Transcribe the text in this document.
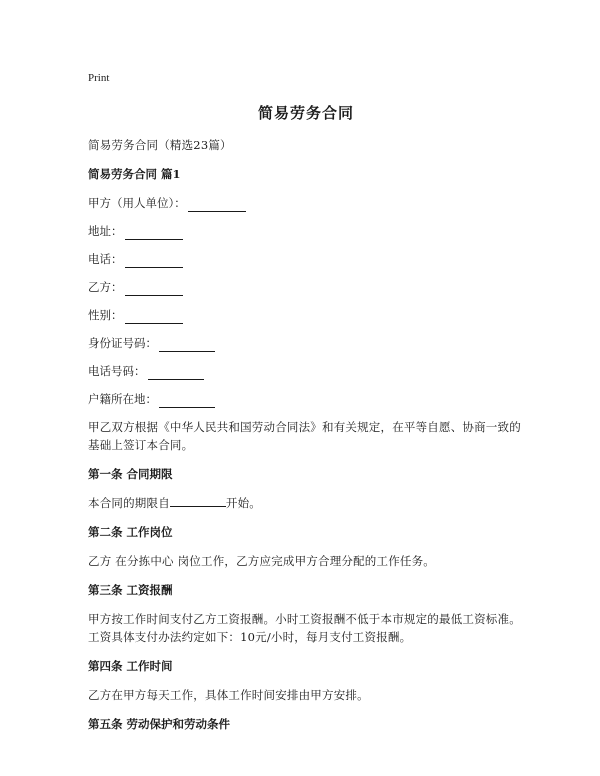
Print
简易劳务合同
简易劳务合同（精选23篇）
简易劳务合同 篇1
甲方（用人单位）：
地址：
电话：
乙方：
性别：
身份证号码：
电话号码：
户籍所在地：
甲乙双方根据《中华人民共和国劳动合同法》和有关规定，在平等自愿、协商一致的基础上签订本合同。
第一条 合同期限
本合同的期限自	开始。
第二条 工作岗位
乙方 在分拣中心 岗位工作，乙方应完成甲方合理分配的工作任务。
第三条 工资报酬
甲方按工作时间支付乙方工资报酬。小时工资报酬不低于本市规定的最低工资标准。工资具体支付办法约定如下：10元/小时，每月支付工资报酬。
第四条 工作时间
乙方在甲方每天工作，具体工作时间安排由甲方安排。
第五条 劳动保护和劳动条件
